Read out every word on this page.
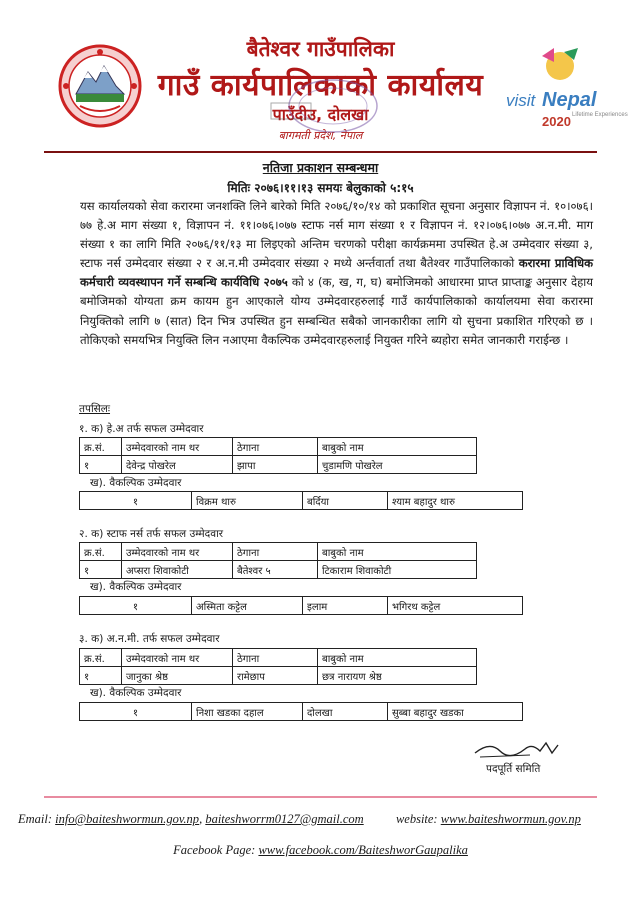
visit Nepal
Lifetime Experiences
2020
बैतेश्वर गाउँपालिका
गाउँ कार्यपालिकाको कार्यालय
पाउँदीउ, दोलखा
बागमती प्रदेश, नेपाल
नतिजा प्रकाशन सम्बन्धमा
मितिः २०७६।११।१३ समयः बेलुकाको ५:१५
यस कार्यालयको सेवा करारमा जनशक्ति लिने बारेको मिति २०७६/१०/१४ को प्रकाशित सूचना अनुसार विज्ञापन नं. १०।०७६।७७ हे.अ माग संख्या १, विज्ञापन नं. ११।०७६।०७७ स्टाफ नर्स माग संख्या १ र विज्ञापन नं. १२।०७६।०७७ अ.न.मी. माग संख्या १ का लागि मिति २०७६/११/१३ मा लिइएको अन्तिम चरणको परीक्षा कार्यक्रममा उपस्थित हे.अ उम्मेदवार संख्या ३, स्टाफ नर्स उम्मेदवार संख्या २ र अ.न.मी उम्मेदवार संख्या २ मध्ये अर्न्तवार्ता तथा बैतेश्वर गाउँपालिकाको करारमा प्राविधिक कर्मचारी व्यवस्थापन गर्ने सम्बन्धि कार्यविधि २०७५ को ४ (क, ख, ग, घ) बमोजिमको आधारमा प्राप्त प्राप्ताङ्क अनुसार देहाय बमोजिमको योग्यता क्रम कायम हुन आएकाले योग्य उम्मेदवारहरुलाई गाउँ कार्यपालिकाको कार्यालयमा सेवा करारमा नियुक्तिको लागि ७ (सात) दिन भित्र उपस्थित हुन सम्बन्धित सबैको जानकारीका लागि यो सुचना प्रकाशित गरिएको छ । तोकिएको समयभित्र नियुक्ति लिन नआएमा वैकल्पिक उम्मेदवारहरुलाई नियुक्त गरिने ब्यहोरा समेत जानकारी गराईन्छ ।
तपसिलः
१. क) हे.अ तर्फ सफल उम्मेदवार
क्र.सं.	उम्मेदवारको नाम थर	ठेगाना	बाबुको नाम
१	देवेन्द्र पोखरेल	झापा	चुडामणि पोखरेल
ख). वैकल्पिक उम्मेदवार
१	विक्रम थारु	बर्दिया	श्याम बहादुर थारु
२. क) स्टाफ नर्स तर्फ सफल उम्मेदवार
क्र.सं.	उम्मेदवारको नाम थर	ठेगाना	बाबुको नाम
१	अप्सरा शिवाकोटी	बैतेश्वर ५	टिकाराम शिवाकोटी
ख). वैकल्पिक उम्मेदवार
१	अस्मिता कट्टेल	इलाम	भगिरथ कट्टेल
३. क) अ.न.मी. तर्फ सफल उम्मेदवार
क्र.सं.	उम्मेदवारको नाम थर	ठेगाना	बाबुको नाम
१	जानुका श्रेष्ठ	रामेछाप	छत्र नारायण श्रेष्ठ
ख). वैकल्पिक उम्मेदवार
१	निशा खडका दहाल	दोलखा	सुब्बा बहादुर खडका
पदपूर्ति समिति
Email: info@baiteshwormun.gov.np, baiteshworrm0127@gmail.com	website: www.baiteshwormun.gov.np
Facebook Page: www.facebook.com/BaiteshworGaupalika
